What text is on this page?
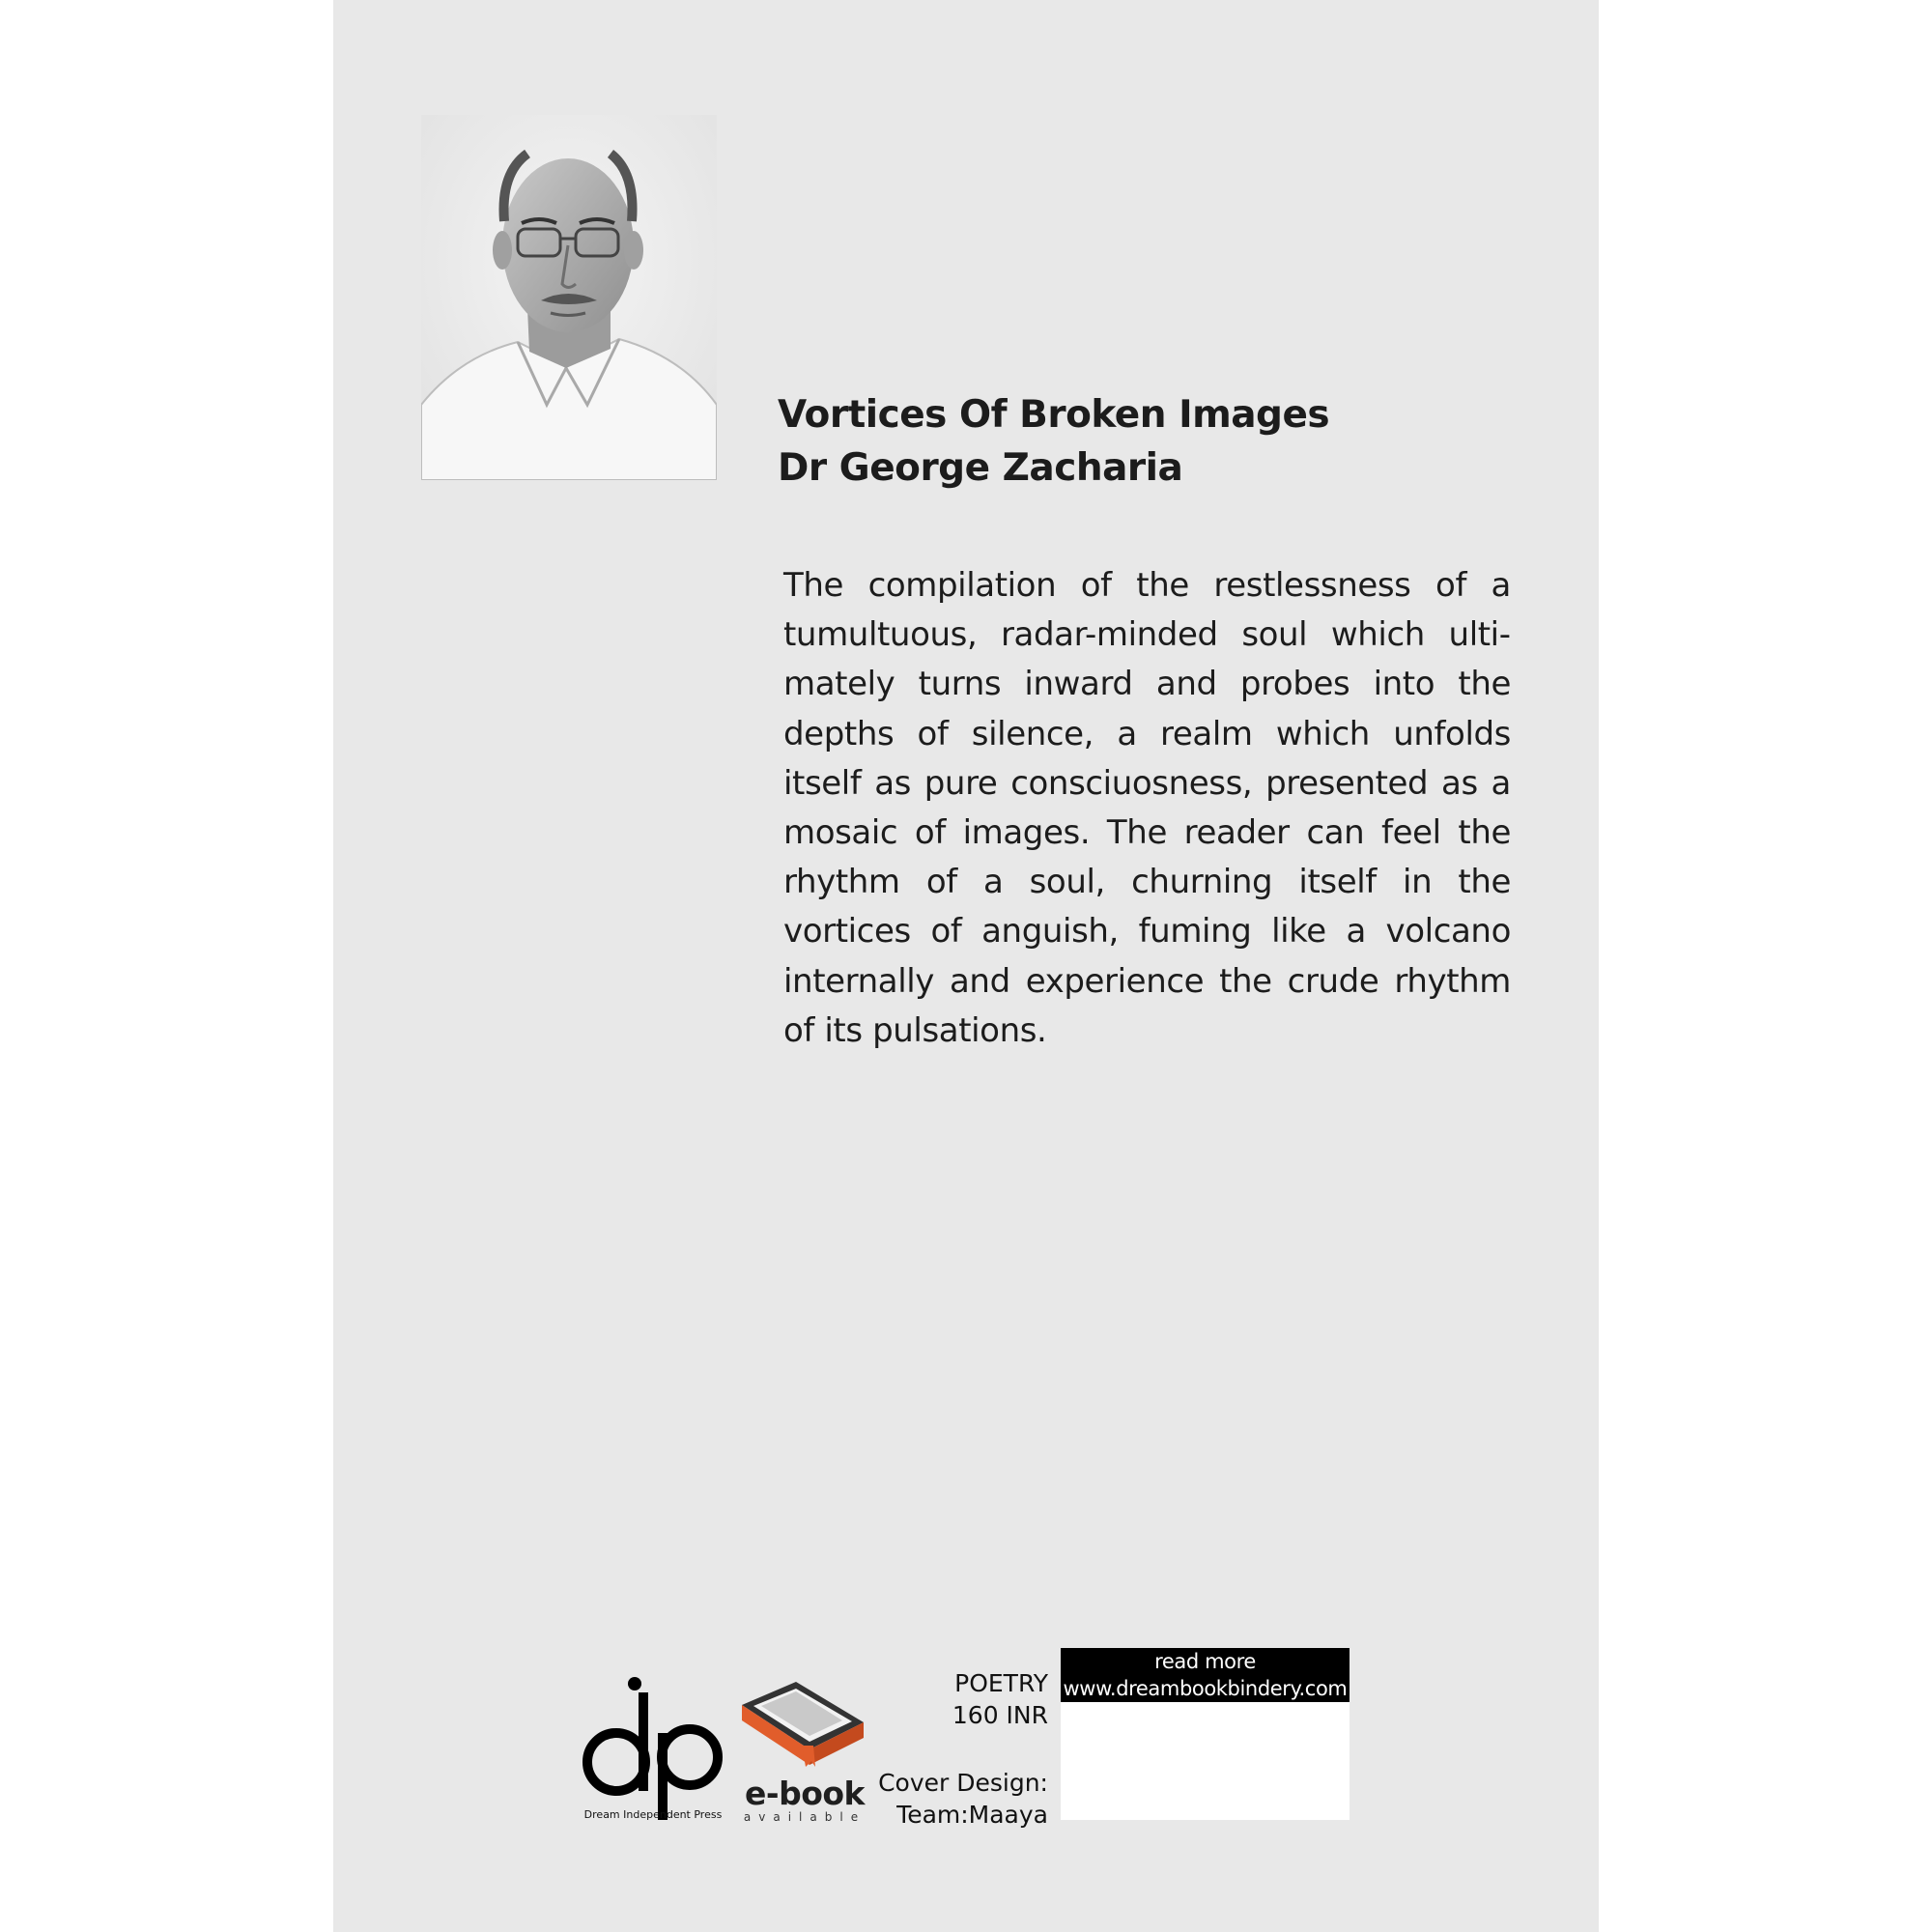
Vortices Of Broken Images
Dr George Zacharia
The compilation of the restlessness of a tumultuous, radar-minded soul which ultimately turns inward and probes into the depths of silence, a realm which unfolds itself as pure consciuosness, presented as a mosaic of images. The reader can feel the rhythm of a soul, churning itself in the vortices of anguish, fuming like a volcano internally and experience the crude rhythm of its pulsations.
Dream Independent Press
e-book
available
POETRY
160 INR
Cover Design:
Team:Maaya
read more
www.dreambookbindery.com
